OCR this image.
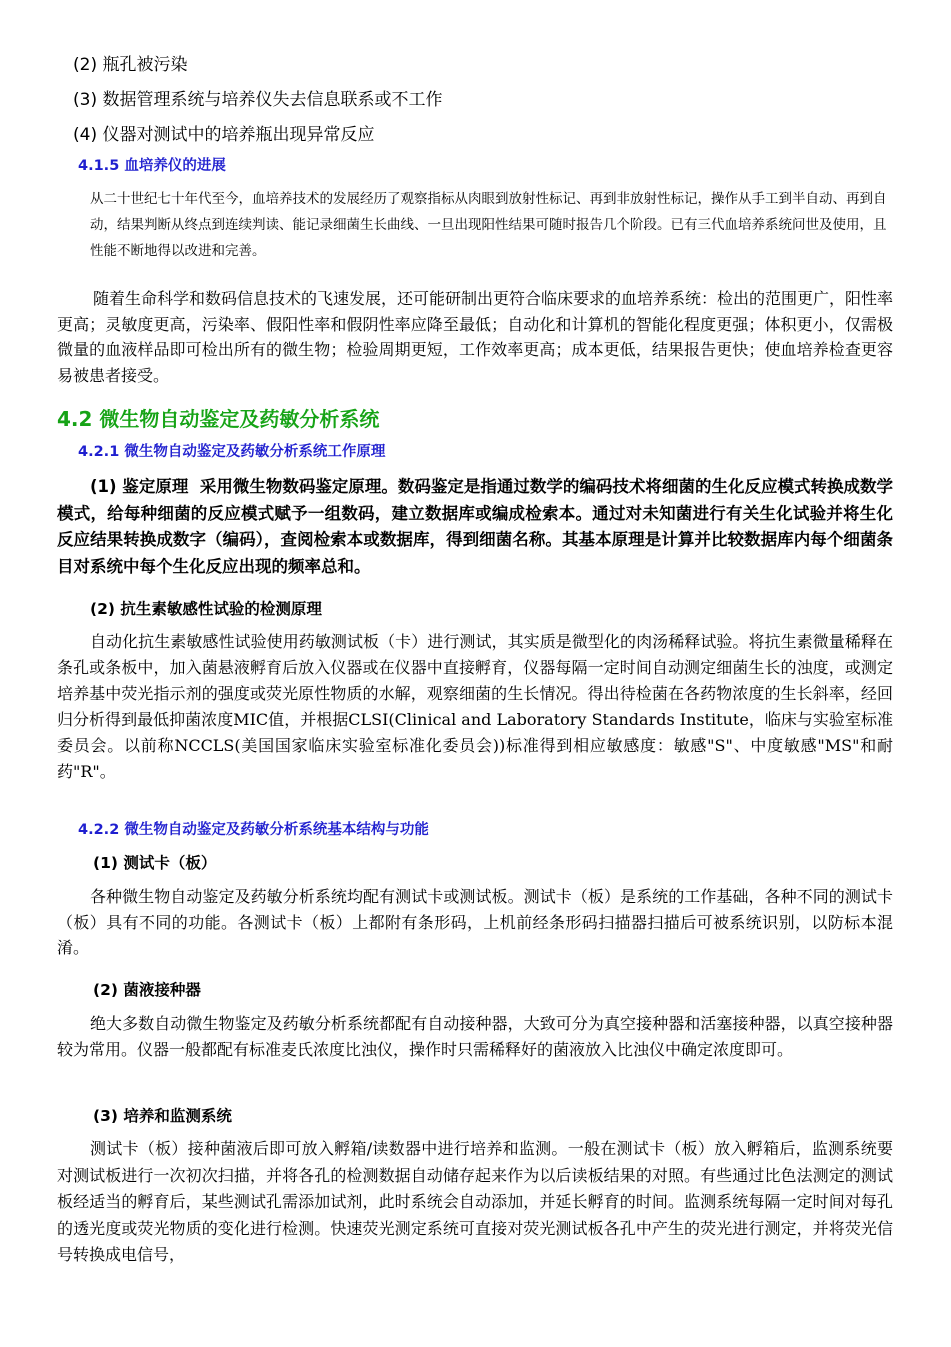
(2) 瓶孔被污染
(3) 数据管理系统与培养仪失去信息联系或不工作
(4) 仪器对测试中的培养瓶出现异常反应
4.1.5 血培养仪的进展
从二十世纪七十年代至今，血培养技术的发展经历了观察指标从肉眼到放射性标记、再到非放射性标记，操作从手工到半自动、再到自动，结果判断从终点到连续判读、能记录细菌生长曲线、一旦出现阳性结果可随时报告几个阶段。已有三代血培养系统问世及使用，且性能不断地得以改进和完善。
随着生命科学和数码信息技术的飞速发展，还可能研制出更符合临床要求的血培养系统：检出的范围更广，阳性率更高；灵敏度更高，污染率、假阳性率和假阴性率应降至最低；自动化和计算机的智能化程度更强；体积更小，仅需极微量的血液样品即可检出所有的微生物；检验周期更短，工作效率更高；成本更低，结果报告更快；使血培养检查更容易被患者接受。
4.2 微生物自动鉴定及药敏分析系统
4.2.1 微生物自动鉴定及药敏分析系统工作原理
(1) 鉴定原理 采用微生物数码鉴定原理。数码鉴定是指通过数学的编码技术将细菌的生化反应模式转换成数学模式，给每种细菌的反应模式赋予一组数码，建立数据库或编成检索本。通过对未知菌进行有关生化试验并将生化反应结果转换成数字（编码），查阅检索本或数据库，得到细菌名称。其基本原理是计算并比较数据库内每个细菌条目对系统中每个生化反应出现的频率总和。
(2) 抗生素敏感性试验的检测原理
自动化抗生素敏感性试验使用药敏测试板（卡）进行测试，其实质是微型化的肉汤稀释试验。将抗生素微量稀释在条孔或条板中，加入菌悬液孵育后放入仪器或在仪器中直接孵育，仪器每隔一定时间自动测定细菌生长的浊度，或测定培养基中荧光指示剂的强度或荧光原性物质的水解，观察细菌的生长情况。得出待检菌在各药物浓度的生长斜率，经回归分析得到最低抑菌浓度MIC值，并根据CLSI(Clinical and Laboratory Standards Institute，临床与实验室标准委员会。以前称NCCLS(美国国家临床实验室标准化委员会))标准得到相应敏感度：敏感"S"、中度敏感"MS"和耐药"R"。
4.2.2 微生物自动鉴定及药敏分析系统基本结构与功能
(1) 测试卡（板）
各种微生物自动鉴定及药敏分析系统均配有测试卡或测试板。测试卡（板）是系统的工作基础，各种不同的测试卡（板）具有不同的功能。各测试卡（板）上都附有条形码，上机前经条形码扫描器扫描后可被系统识别，以防标本混淆。
(2) 菌液接种器
绝大多数自动微生物鉴定及药敏分析系统都配有自动接种器，大致可分为真空接种器和活塞接种器，以真空接种器较为常用。仪器一般都配有标准麦氏浓度比浊仪，操作时只需稀释好的菌液放入比浊仪中确定浓度即可。
(3) 培养和监测系统
测试卡（板）接种菌液后即可放入孵箱/读数器中进行培养和监测。一般在测试卡（板）放入孵箱后，监测系统要对测试板进行一次初次扫描，并将各孔的检测数据自动储存起来作为以后读板结果的对照。有些通过比色法测定的测试板经适当的孵育后，某些测试孔需添加试剂，此时系统会自动添加，并延长孵育的时间。监测系统每隔一定时间对每孔的透光度或荧光物质的变化进行检测。快速荧光测定系统可直接对荧光测试板各孔中产生的荧光进行测定，并将荧光信号转换成电信号，
